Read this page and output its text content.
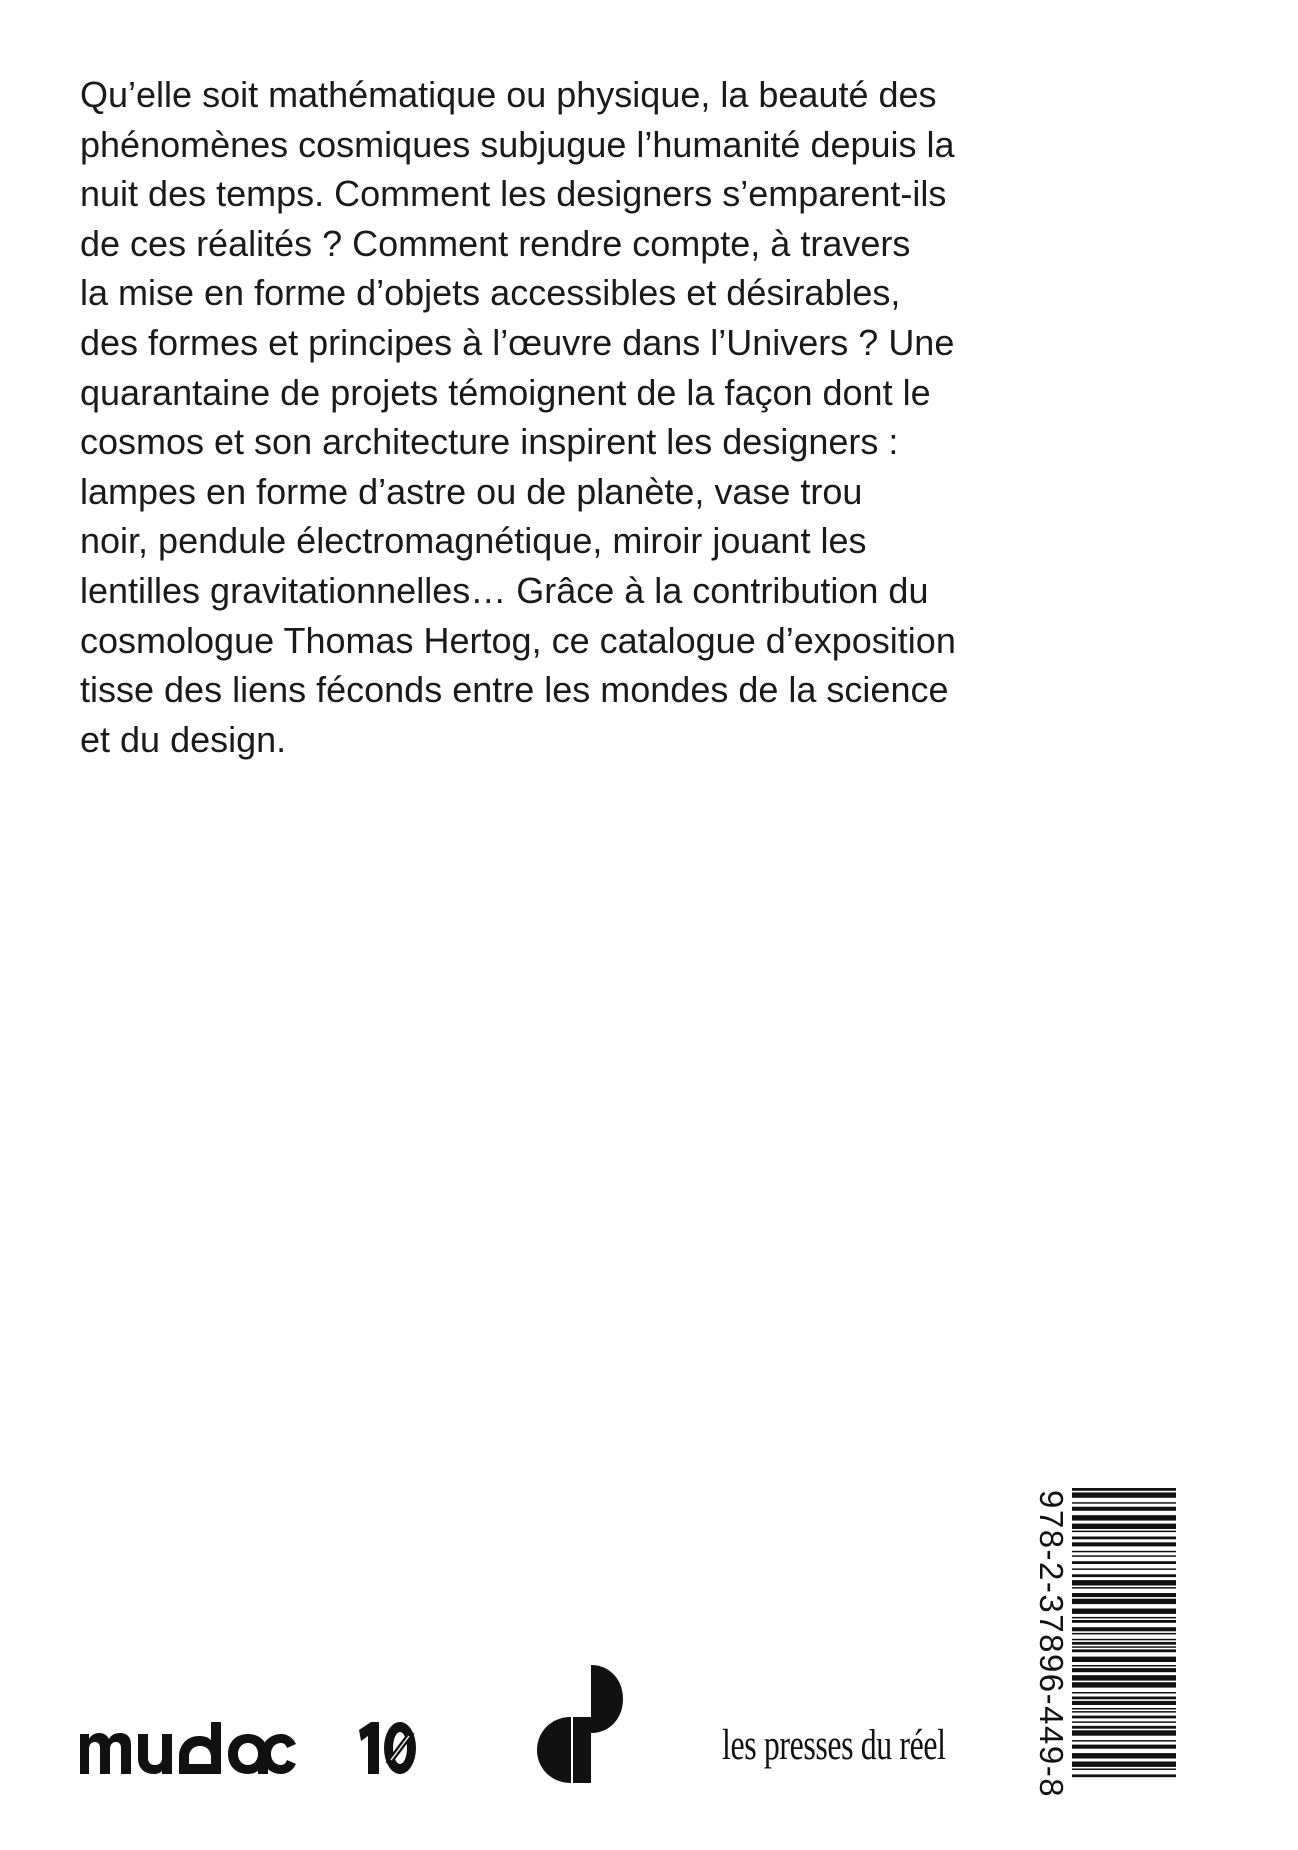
Qu’elle soit mathématique ou physique, la beauté des
phénomènes cosmiques subjugue l’humanité depuis la
nuit des temps. Comment les designers s’emparent-ils
de ces réalités ? Comment rendre compte, à travers
la mise en forme d’objets accessibles et désirables,
des formes et principes à l’œuvre dans l’Univers ? Une
quarantaine de projets témoignent de la façon dont le
cosmos et son architecture inspirent les designers :
lampes en forme d’astre ou de planète, vase trou
noir, pendule électromagnétique, miroir jouant les
lentilles gravitationnelles… Grâce à la contribution du
cosmologue Thomas Hertog, ce catalogue d’exposition
tisse des liens féconds entre les mondes de la science
et du design.

les presses du réel	978-2-37896-449-8
